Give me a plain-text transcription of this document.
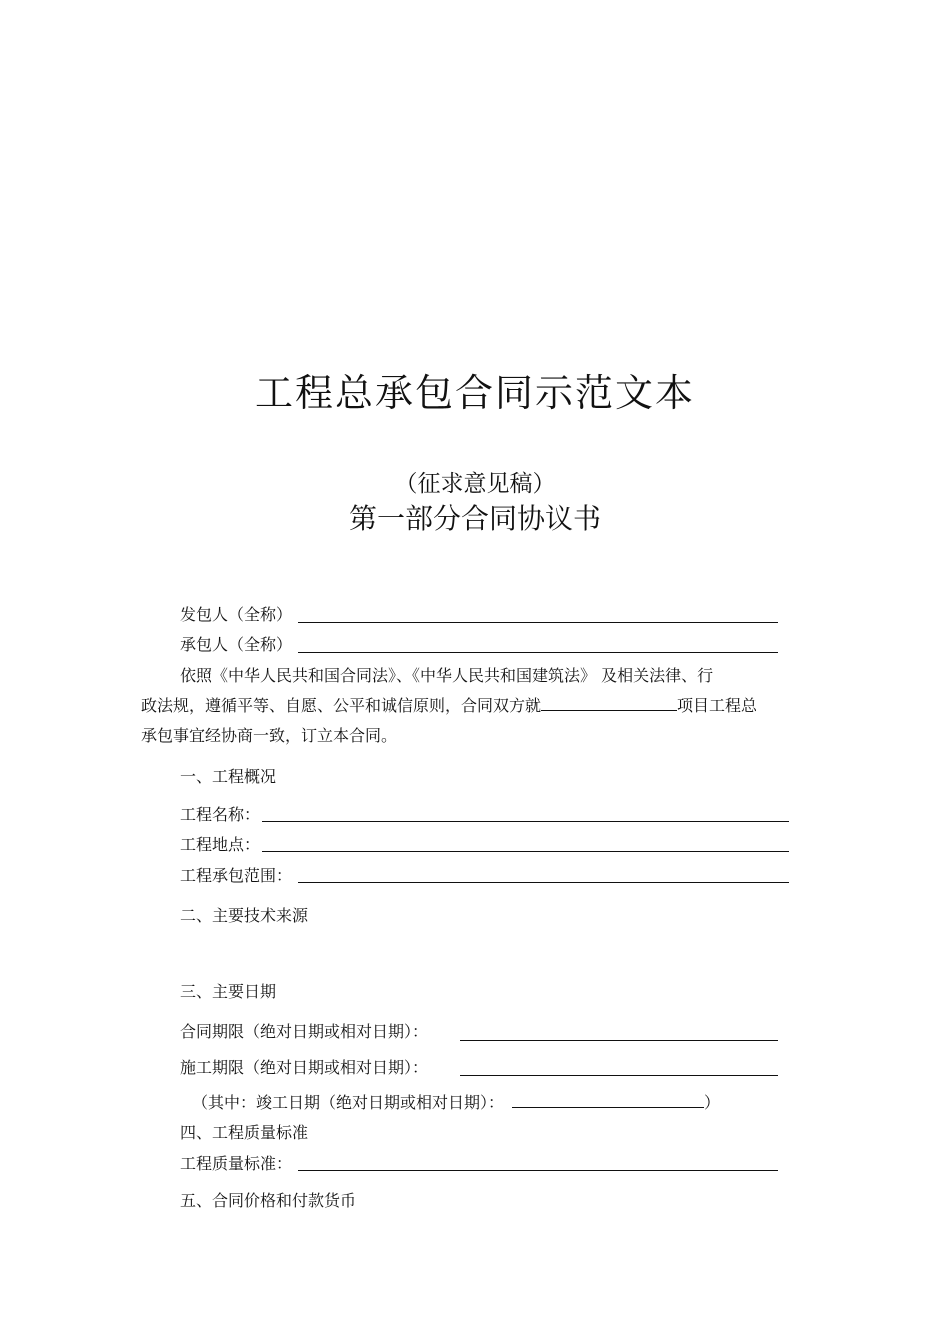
工程总承包合同示范文本
（征求意见稿）
第一部分合同协议书
发包人（全称）
承包人（全称）
依照《中华人民共和国合同法》、《中华人民共和国建筑法》 及相关法律、行
政法规，遵循平等、自愿、公平和诚信原则，合同双方就	项目工程总
承包事宜经协商一致，订立本合同。
一、工程概况
工程名称：
工程地点：
工程承包范围：
二、主要技术来源
三、主要日期
合同期限（绝对日期或相对日期）：
施工期限（绝对日期或相对日期）：
（其中：竣工日期（绝对日期或相对日期）：	）
四、工程质量标准
工程质量标准：
五、合同价格和付款货币
